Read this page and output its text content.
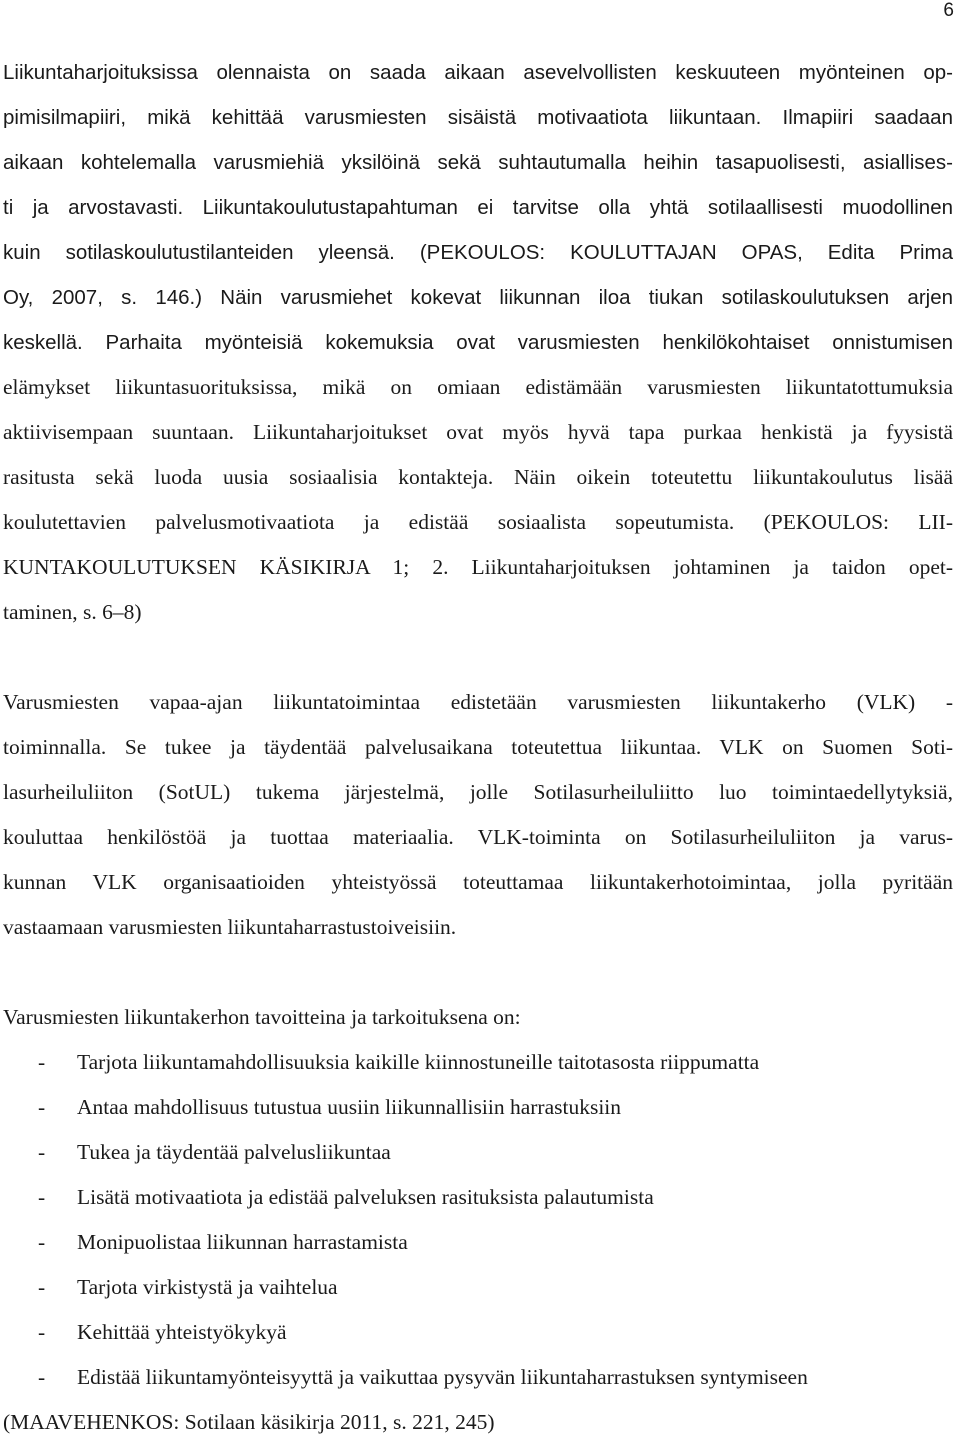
6
Liikuntaharjoituksissa olennaista on saada aikaan asevelvollisten keskuuteen myönteinen op-
pimisilmapiiri, mikä kehittää varusmiesten sisäistä motivaatiota liikuntaan. Ilmapiiri saadaan
aikaan kohtelemalla varusmiehiä yksilöinä sekä suhtautumalla heihin tasapuolisesti, asiallises-
ti ja arvostavasti. Liikuntakoulutustapahtuman ei tarvitse olla yhtä sotilaallisesti muodollinen
kuin sotilaskoulutustilanteiden yleensä. (PEKOULOS: KOULUTTAJAN OPAS, Edita Prima
Oy, 2007, s. 146.) Näin varusmiehet kokevat liikunnan iloa tiukan sotilaskoulutuksen arjen
keskellä. Parhaita myönteisiä kokemuksia ovat varusmiesten henkilökohtaiset onnistumisen
elämykset liikuntasuorituksissa, mikä on omiaan edistämään varusmiesten liikuntatottumuksia
aktiivisempaan suuntaan. Liikuntaharjoitukset ovat myös hyvä tapa purkaa henkistä ja fyysistä
rasitusta sekä luoda uusia sosiaalisia kontakteja. Näin oikein toteutettu liikuntakoulutus lisää
koulutettavien palvelusmotivaatiota ja edistää sosiaalista sopeutumista. (PEKOULOS: LII-
KUNTAKOULUTUKSEN KÄSIKIRJA 1; 2. Liikuntaharjoituksen johtaminen ja taidon opet-
taminen, s. 6–8)
Varusmiesten vapaa-ajan liikuntatoimintaa edistetään varusmiesten liikuntakerho (VLK) -
toiminnalla. Se tukee ja täydentää palvelusaikana toteutettua liikuntaa. VLK on Suomen Soti-
lasurheiluliiton (SotUL) tukema järjestelmä, jolle Sotilasurheiluliitto luo toimintaedellytyksiä,
kouluttaa henkilöstöä ja tuottaa materiaalia. VLK-toiminta on Sotilasurheiluliiton ja varus-
kunnan VLK organisaatioiden yhteistyössä toteuttamaa liikuntakerhotoimintaa, jolla pyritään
vastaamaan varusmiesten liikuntaharrastustoiveisiin.
Varusmiesten liikuntakerhon tavoitteina ja tarkoituksena on:
- Tarjota liikuntamahdollisuuksia kaikille kiinnostuneille taitotasosta riippumatta
- Antaa mahdollisuus tutustua uusiin liikunnallisiin harrastuksiin
- Tukea ja täydentää palvelusliikuntaa
- Lisätä motivaatiota ja edistää palveluksen rasituksista palautumista
- Monipuolistaa liikunnan harrastamista
- Tarjota virkistystä ja vaihtelua
- Kehittää yhteistyökykyä
- Edistää liikuntamyönteisyyttä ja vaikuttaa pysyvän liikuntaharrastuksen syntymiseen
(MAAVEHENKOS: Sotilaan käsikirja 2011, s. 221, 245)
